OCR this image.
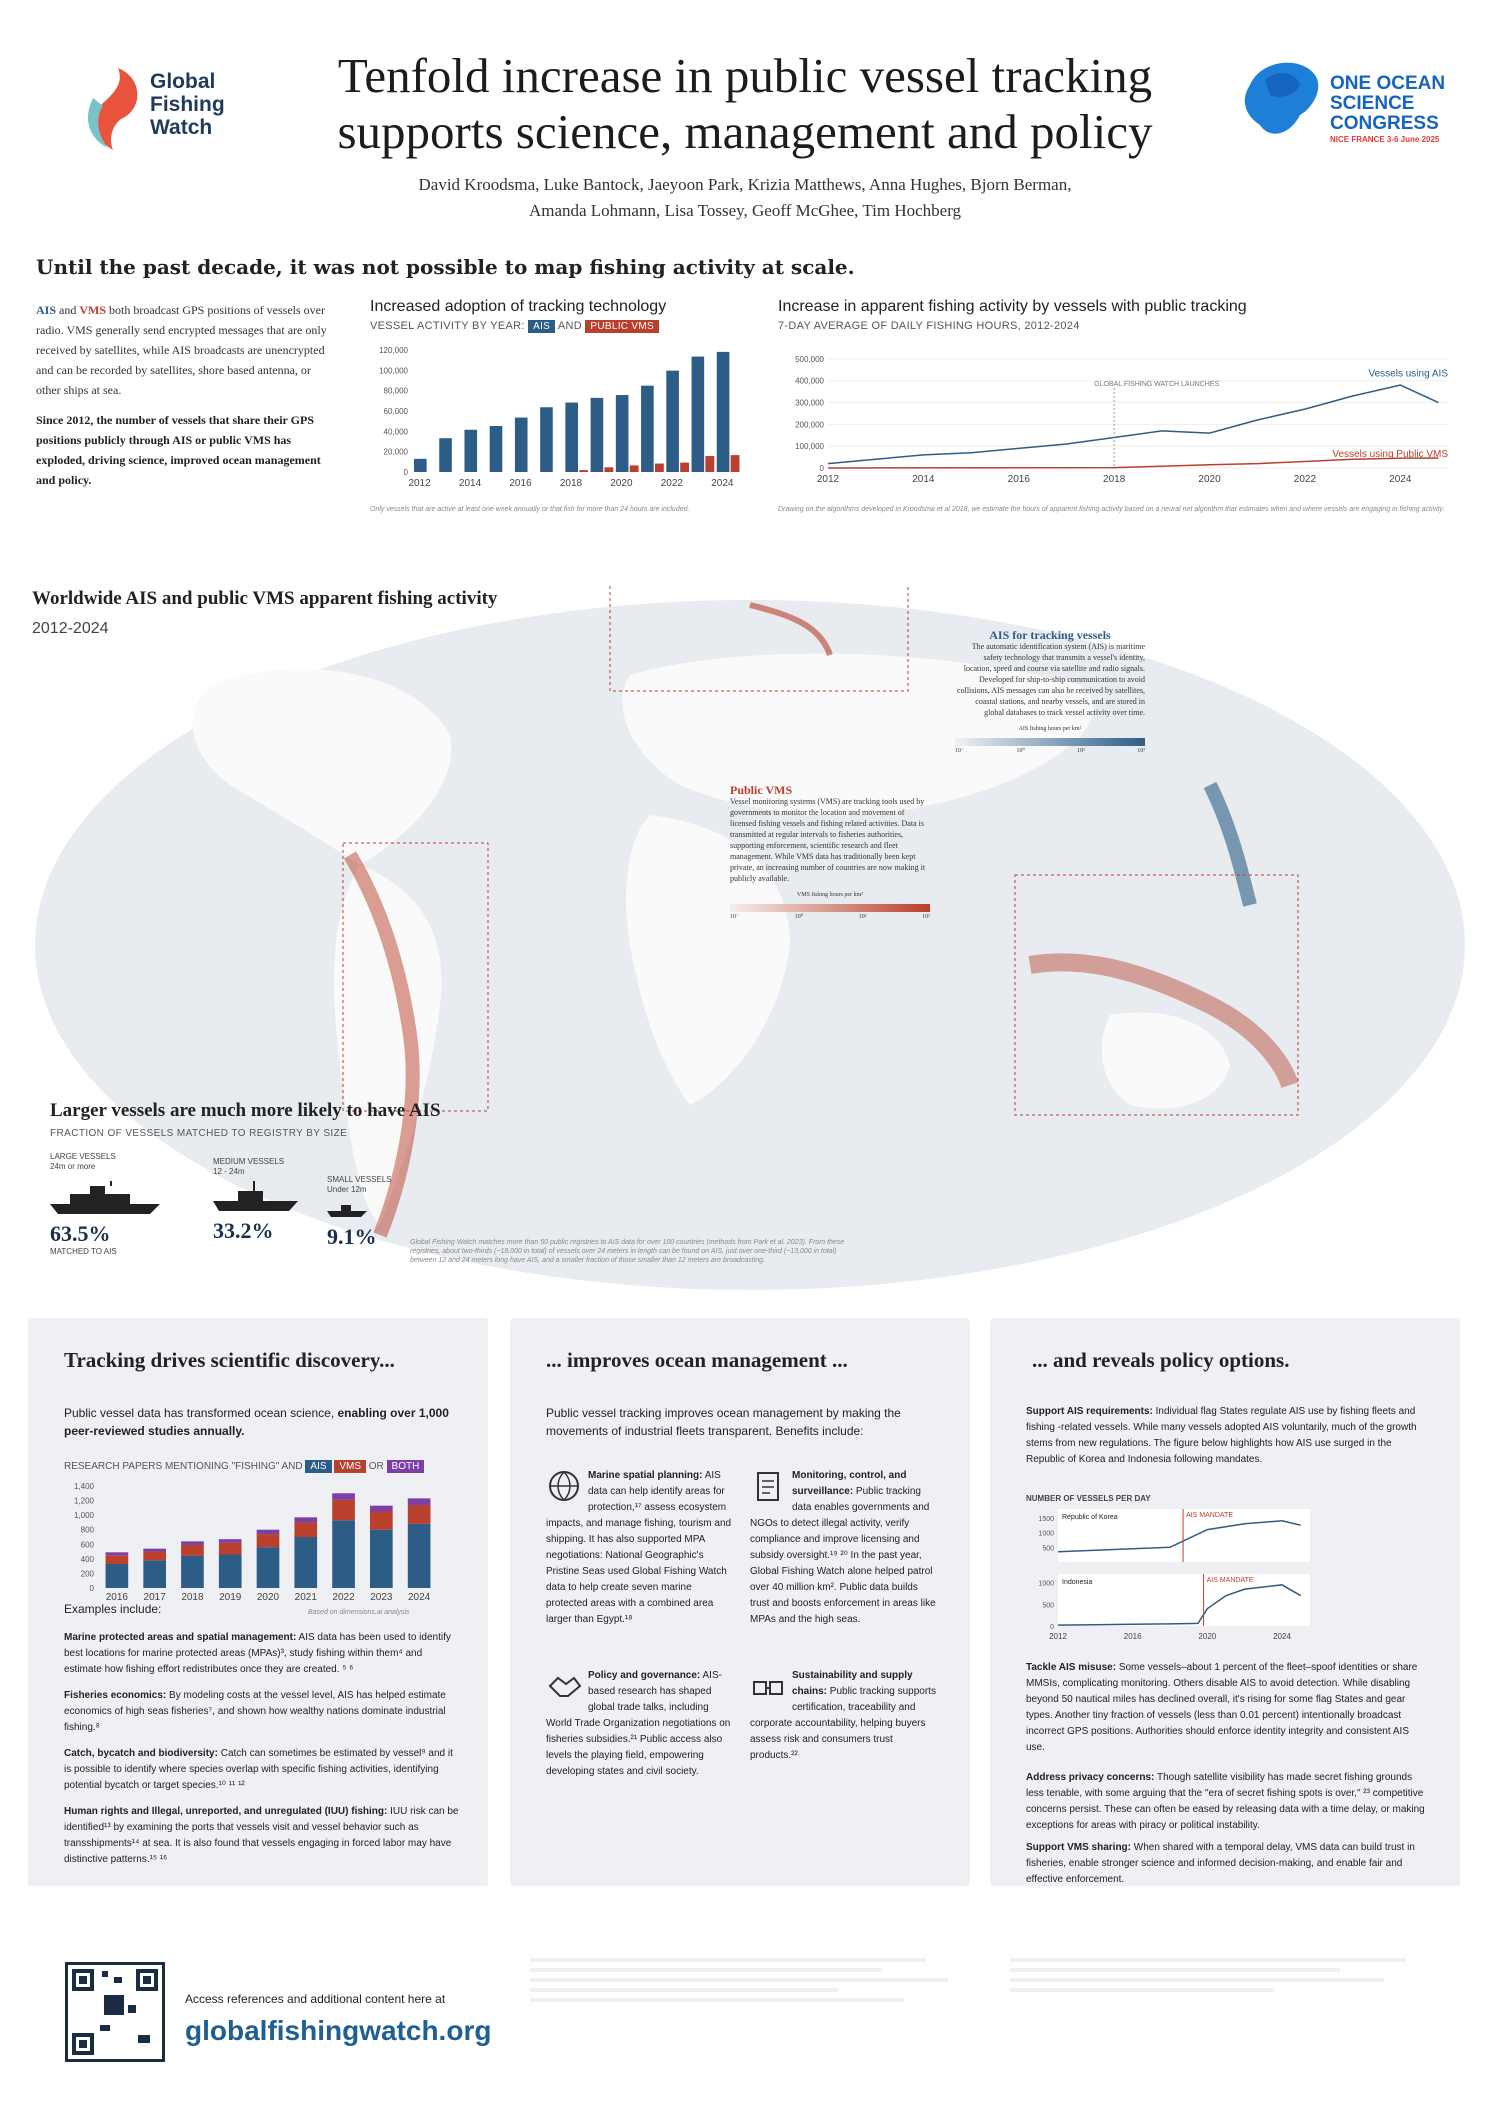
Global
Fishing
Watch
Tenfold increase in public vessel tracking
supports science, management and policy
David Kroodsma, Luke Bantock, Jaeyoon Park, Krizia Matthews, Anna Hughes, Bjorn Berman,
Amanda Lohmann, Lisa Tossey, Geoff McGhee, Tim Hochberg
ONE OCEAN
SCIENCE
CONGRESS
NICE FRANCE 3-6 June 2025
Until the past decade, it was not possible to map fishing activity at scale.

AIS and VMS both broadcast GPS positions of vessels over radio. VMS generally send encrypted messages that are only received by satellites, while AIS broadcasts are unencrypted and can be recorded by satellites, shore based antenna, or other ships at sea.

Since 2012, the number of vessels that share their GPS positions publicly through AIS or public VMS has exploded, driving science, improved ocean management and policy.

Increased adoption of tracking technology
VESSEL ACTIVITY BY YEAR: AIS AND PUBLIC VMS
120,000
100,000
80,000
60,000
40,000
20,000
0
2012	2014	2016	2018	2020	2022	2024
Only vessels that are active at least one week annually or that fish for more than 24 hours are included.
Increase in apparent fishing activity by vessels with public tracking
7-DAY AVERAGE OF DAILY FISHING HOURS, 2012-2024
500,000
400,000
300,000
200,000
100,000
0
2012	2014	2016	2018	2020	2022	2024
GLOBAL FISHING WATCH LAUNCHES
Vessels using AIS
Vessels using Public VMS
Drawing on the algorithms developed in Kroodsma et al 2018, we estimate the hours of apparent fishing activity based on a neural net algorithm that estimates when and where vessels are engaging in fishing activity.
Worldwide AIS and public VMS apparent fishing activity
2012-2024	AIS for tracking vessels
The automatic identification system (AIS) is maritime safety technology that transmits a vessel's identity, location, speed and course via satellite and radio signals. Developed for ship-to-ship communication to avoid collisions, AIS messages can also be received by satellites, coastal stations, and nearby vessels, and are stored in global databases to track vessel activity over time.
AIS fishing hours per km²
10⁻	10⁰	10¹	10²
Public VMS
Vessel monitoring systems (VMS) are tracking tools used by governments to monitor the location and movement of licensed fishing vessels and fishing related activities. Data is transmitted at regular intervals to fisheries authorities, supporting enforcement, scientific research and fleet management. While VMS data has traditionally been kept private, an increasing number of countries are now making it publicly available.
VMS fishing hours per km²
10⁻	10⁰	10¹	10²
Larger vessels are much more likely to have AIS
FRACTION OF VESSELS MATCHED TO REGISTRY BY SIZE
LARGE VESSELS
24m or more
63.5%
MATCHED TO AIS
MEDIUM VESSELS
12 - 24m
33.2%
SMALL VESSELS
Under 12m
9.1%	Global Fishing Watch matches more than 50 public registries to AIS data for over 100 countries (methods from Park et al. 2023). From these registries, about two-thirds (~18,000 in total) of vessels over 24 meters in length can be found on AIS, just over one-third (~13,000 in total) between 12 and 24 meters long have AIS, and a smaller fraction of those smaller than 12 meters are broadcasting.
Tracking drives scientific discovery...
Public vessel data has transformed ocean science, enabling over 1,000 peer-reviewed studies annually.
RESEARCH PAPERS MENTIONING "FISHING" AND AIS VMS OR BOTH
1,400
1,200
1,000
800
600
400
200
0
2016 2017 2018 2019 2020 2021 2022 2023 2024
Based on dimensions.ai analysis
Examples include:

Marine protected areas and spatial management: AIS data has been used to identify best locations for marine protected areas (MPAs)³, study fishing within them⁴ and estimate how fishing effort redistributes once they are created. ⁵ ⁶

Fisheries economics: By modeling costs at the vessel level, AIS has helped estimate economics of high seas fisheries⁷, and shown how wealthy nations dominate industrial fishing.⁸

Catch, bycatch and biodiversity: Catch can sometimes be estimated by vessel⁹ and it is possible to identify where species overlap with specific fishing activities, identifying potential bycatch or target species.¹⁰ ¹¹ ¹²

Human rights and Illegal, unreported, and unregulated (IUU) fishing: IUU risk can be identified¹³ by examining the ports that vessels visit and vessel behavior such as transshipments¹⁴ at sea. It is also found that vessels engaging in forced labor may have distinctive patterns.¹⁵ ¹⁶

... improves ocean management ...
Public vessel tracking improves ocean management by making the movements of industrial fleets transparent. Benefits include:

Marine spatial planning: AIS data can help identify areas for protection,¹⁷ assess ecosystem impacts, and manage fishing, tourism and shipping. It has also supported MPA negotiations: National Geographic's Pristine Seas used Global Fishing Watch data to help create seven marine protected areas with a combined area larger than Egypt.¹⁸

Monitoring, control, and surveillance: Public tracking data enables governments and NGOs to detect illegal activity, verify compliance and improve licensing and subsidy oversight.¹⁹ ²⁰ In the past year, Global Fishing Watch alone helped patrol over 40 million km². Public data builds trust and boosts enforcement in areas like MPAs and the high seas.

Policy and governance: AIS-based research has shaped global trade talks, including World Trade Organization negotiations on fisheries subsidies.²¹ Public access also levels the playing field, empowering developing states and civil society.

Sustainability and supply chains: Public tracking supports certification, traceability and corporate accountability, helping buyers assess risk and consumers trust products.²²

... and reveals policy options.

Support AIS requirements: Individual flag States regulate AIS use by fishing fleets and fishing -related vessels. While many vessels adopted AIS voluntarily, much of the growth stems from new regulations. The figure below highlights how AIS use surged in the Republic of Korea and Indonesia following mandates.

NUMBER OF VESSELS PER DAY
1500
1000
500
AIS MANDATE
Republic of Korea
1000
500
0
AIS MANDATE
Indonesia
2012	2016	2020	2024

Tackle AIS misuse: Some vessels–about 1 percent of the fleet–spoof identities or share MMSIs, complicating monitoring. Others disable AIS to avoid detection. While disabling beyond 50 nautical miles has declined overall, it's rising for some flag States and gear types. Another tiny fraction of vessels (less than 0.01 percent) intentionally broadcast incorrect GPS positions. Authorities should enforce identity integrity and consistent AIS use.

Address privacy concerns: Though satellite visibility has made secret fishing grounds less tenable, with some arguing that the "era of secret fishing spots is over," ²³ competitive concerns persist. These can often be eased by releasing data with a time delay, or making exceptions for areas with piracy or political instability.

Support VMS sharing: When shared with a temporal delay, VMS data can build trust in fisheries, enable stronger science and informed decision-making, and enable fair and effective enforcement.

Access references and additional content here at
globalfishingwatch.org
